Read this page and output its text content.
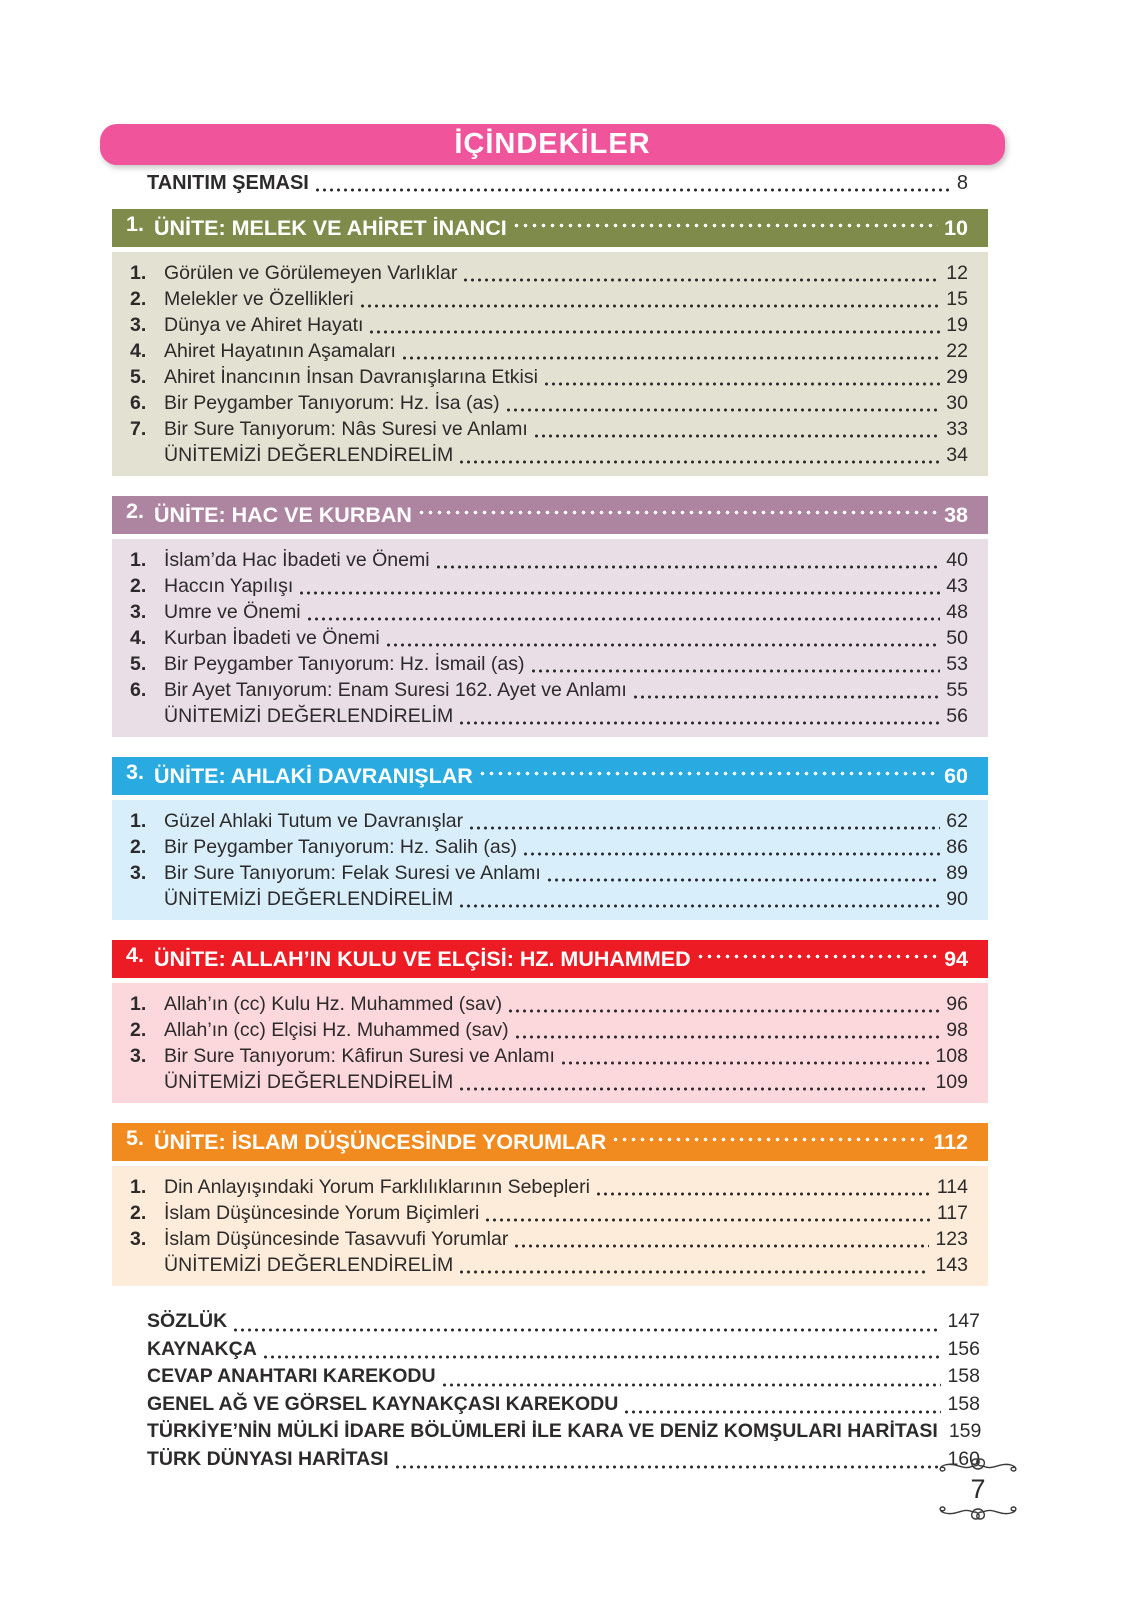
İÇİNDEKİLER
TANITIM ŞEMASI	8
1. ÜNİTE: MELEK VE AHİRET İNANCI	10
1. Görülen ve Görülemeyen Varlıklar	12
2. Melekler ve Özellikleri	15
3. Dünya ve Ahiret Hayatı	19
4. Ahiret Hayatının Aşamaları	22
5. Ahiret İnancının İnsan Davranışlarına Etkisi	29
6. Bir Peygamber Tanıyorum: Hz. İsa (as)	30
7. Bir Sure Tanıyorum: Nâs Suresi ve Anlamı	33
ÜNİTEMİZİ DEĞERLENDİRELİM	34
2. ÜNİTE: HAC VE KURBAN	38
1. İslam’da Hac İbadeti ve Önemi	40
2. Haccın Yapılışı	43
3. Umre ve Önemi	48
4. Kurban İbadeti ve Önemi	50
5. Bir Peygamber Tanıyorum: Hz. İsmail (as)	53
6. Bir Ayet Tanıyorum: Enam Suresi 162. Ayet ve Anlamı	55
ÜNİTEMİZİ DEĞERLENDİRELİM	56
3. ÜNİTE: AHLAKİ DAVRANIŞLAR	60
1. Güzel Ahlaki Tutum ve Davranışlar	62
2. Bir Peygamber Tanıyorum: Hz. Salih (as)	86
3. Bir Sure Tanıyorum: Felak Suresi ve Anlamı	89
ÜNİTEMİZİ DEĞERLENDİRELİM	90
4. ÜNİTE: ALLAH’IN KULU VE ELÇİSİ: HZ. MUHAMMED	94
1. Allah’ın (cc) Kulu Hz. Muhammed (sav)	96
2. Allah’ın (cc) Elçisi Hz. Muhammed (sav)	98
3. Bir Sure Tanıyorum: Kâfirun Suresi ve Anlamı	108
ÜNİTEMİZİ DEĞERLENDİRELİM	109
5. ÜNİTE: İSLAM DÜŞÜNCESİNDE YORUMLAR	112
1. Din Anlayışındaki Yorum Farklılıklarının Sebepleri	114
2. İslam Düşüncesinde Yorum Biçimleri	117
3. İslam Düşüncesinde Tasavvufi Yorumlar	123
ÜNİTEMİZİ DEĞERLENDİRELİM	143
SÖZLÜK	147
KAYNAKÇA	156
CEVAP ANAHTARI KAREKODU	158
GENEL AĞ VE GÖRSEL KAYNAKÇASI KAREKODU	158
TÜRKİYE’NİN MÜLKİ İDARE BÖLÜMLERİ İLE KARA VE DENİZ KOMŞULARI HARİTASI 159
TÜRK DÜNYASI HARİTASI	160
7
